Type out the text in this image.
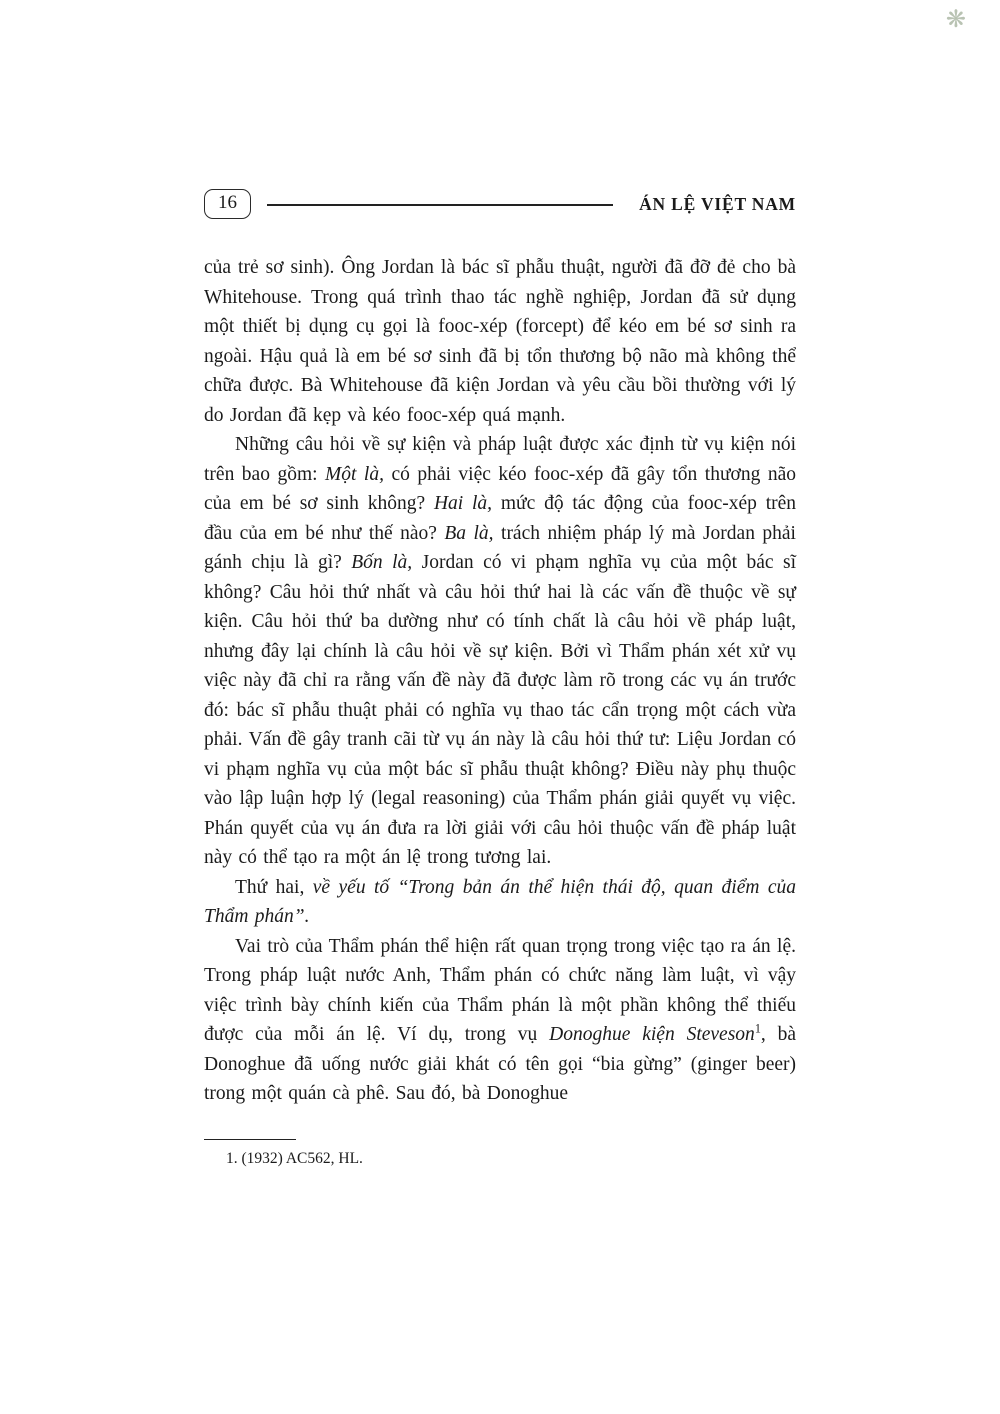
❋
16	ÁN LỆ VIỆT NAM

của trẻ sơ sinh). Ông Jordan là bác sĩ phẫu thuật, người đã đỡ đẻ cho bà Whitehouse. Trong quá trình thao tác nghề nghiệp, Jordan đã sử dụng một thiết bị dụng cụ gọi là fooc-xép (forcept) để kéo em bé sơ sinh ra ngoài. Hậu quả là em bé sơ sinh đã bị tổn thương bộ não mà không thể chữa được. Bà Whitehouse đã kiện Jordan và yêu cầu bồi thường với lý do Jordan đã kẹp và kéo fooc-xép quá mạnh.

Những câu hỏi về sự kiện và pháp luật được xác định từ vụ kiện nói trên bao gồm: Một là, có phải việc kéo fooc-xép đã gây tổn thương não của em bé sơ sinh không? Hai là, mức độ tác động của fooc-xép trên đầu của em bé như thế nào? Ba là, trách nhiệm pháp lý mà Jordan phải gánh chịu là gì? Bốn là, Jordan có vi phạm nghĩa vụ của một bác sĩ không? Câu hỏi thứ nhất và câu hỏi thứ hai là các vấn đề thuộc về sự kiện. Câu hỏi thứ ba dường như có tính chất là câu hỏi về pháp luật, nhưng đây lại chính là câu hỏi về sự kiện. Bởi vì Thẩm phán xét xử vụ việc này đã chỉ ra rằng vấn đề này đã được làm rõ trong các vụ án trước đó: bác sĩ phẫu thuật phải có nghĩa vụ thao tác cẩn trọng một cách vừa phải. Vấn đề gây tranh cãi từ vụ án này là câu hỏi thứ tư: Liệu Jordan có vi phạm nghĩa vụ của một bác sĩ phẫu thuật không? Điều này phụ thuộc vào lập luận hợp lý (legal reasoning) của Thẩm phán giải quyết vụ việc. Phán quyết của vụ án đưa ra lời giải với câu hỏi thuộc vấn đề pháp luật này có thể tạo ra một án lệ trong tương lai.

Thứ hai, về yếu tố “Trong bản án thể hiện thái độ, quan điểm của Thẩm phán”.

Vai trò của Thẩm phán thể hiện rất quan trọng trong việc tạo ra án lệ. Trong pháp luật nước Anh, Thẩm phán có chức năng làm luật, vì vậy việc trình bày chính kiến của Thẩm phán là một phần không thể thiếu được của mỗi án lệ. Ví dụ, trong vụ Donoghue kiện Steveson$^1$, bà Donoghue đã uống nước giải khát có tên gọi “bia gừng” (ginger beer) trong một quán cà phê. Sau đó, bà Donoghue

1. (1932) AC562, HL.
